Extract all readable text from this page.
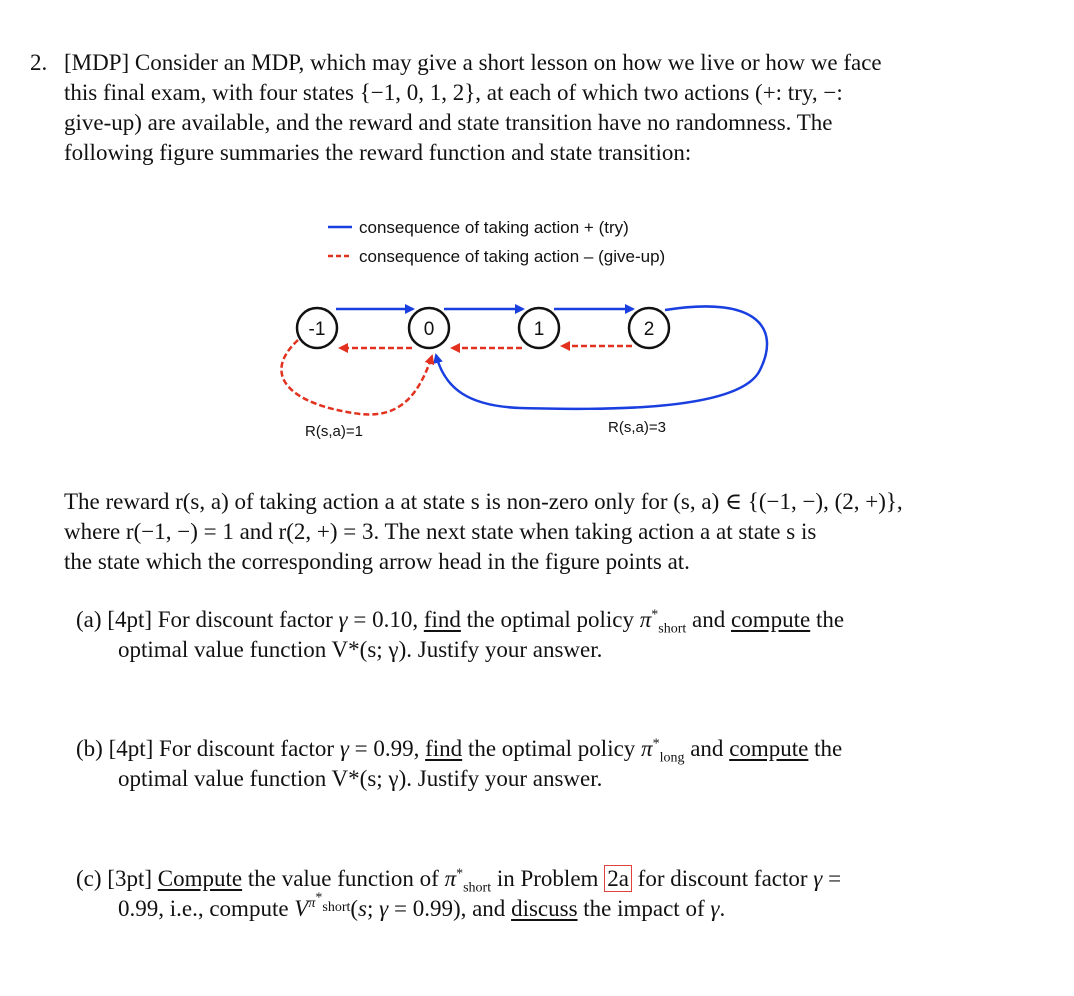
2. [MDP] Consider an MDP, which may give a short lesson on how we live or how we face
this final exam, with four states {−1, 0, 1, 2}, at each of which two actions (+: try, −:
give-up) are available, and the reward and state transition have no randomness. The
following figure summaries the reward function and state transition:
consequence of taking action + (try)
consequence of taking action – (give-up)
-1	0	1	2
R(s,a)=1	R(s,a)=3
The reward r(s, a) of taking action a at state s is non-zero only for (s, a) ∈ {(−1, −), (2, +)},
where r(−1, −) = 1 and r(2, +) = 3. The next state when taking action a at state s is
the state which the corresponding arrow head in the figure points at.
(a) [4pt] For discount factor γ = 0.10, find the optimal policy $\pi^*_{short}$ and compute the
optimal value function V*(s; γ). Justify your answer.
(b) [4pt] For discount factor γ = 0.99, find the optimal policy $\pi^*_{long}$ and compute the
optimal value function V*(s; γ). Justify your answer.
(c) [3pt] Compute the value function of $\pi^*_{short}$ in Problem 2a for discount factor γ =
0.99, i.e., compute $V^{\pi^*_{short}}(s$; γ = 0.99), and discuss the impact of γ.
